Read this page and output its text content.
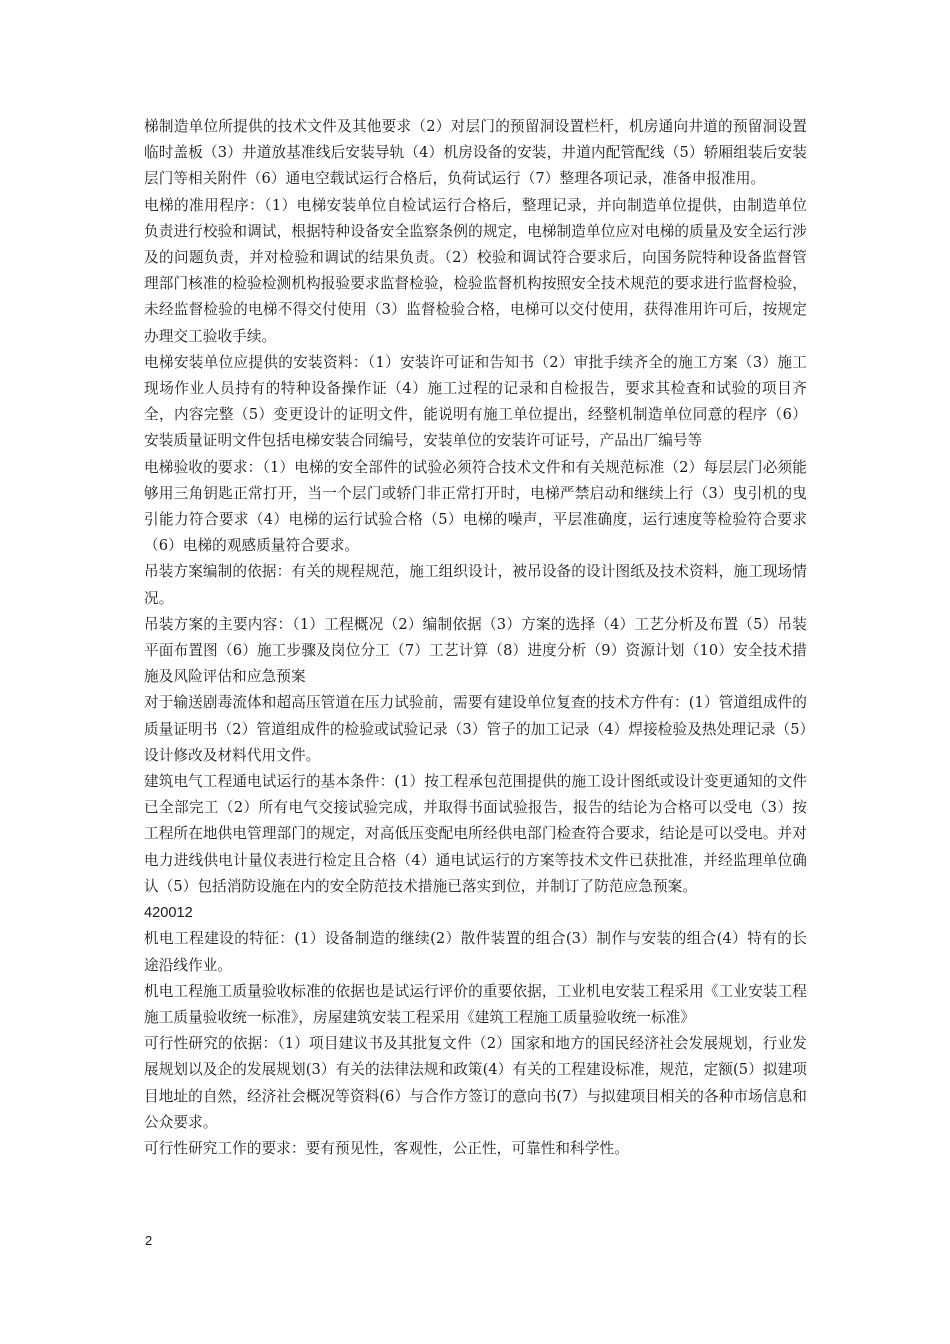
梯制造单位所提供的技术文件及其他要求（2）对层门的预留洞设置栏杆，机房通向井道的预留洞设置临时盖板（3）井道放基准线后安装导轨（4）机房设备的安装，井道内配管配线（5）轿厢组装后安装层门等相关附件（6）通电空载试运行合格后，负荷试运行（7）整理各项记录，准备申报准用。

电梯的准用程序：（1）电梯安装单位自检试运行合格后，整理记录，并向制造单位提供，由制造单位负责进行校验和调试，根据特种设备安全监察条例的规定，电梯制造单位应对电梯的质量及安全运行涉及的问题负责，并对检验和调试的结果负责。（2）校验和调试符合要求后，向国务院特种设备监督管理部门核准的检验检测机构报验要求监督检验，检验监督机构按照安全技术规范的要求进行监督检验，未经监督检验的电梯不得交付使用（3）监督检验合格，电梯可以交付使用，获得准用许可后，按规定办理交工验收手续。

电梯安装单位应提供的安装资料：（1）安装许可证和告知书（2）审批手续齐全的施工方案（3）施工现场作业人员持有的特种设备操作证（4）施工过程的记录和自检报告，要求其检查和试验的项目齐全，内容完整（5）变更设计的证明文件，能说明有施工单位提出，经整机制造单位同意的程序（6）安装质量证明文件包括电梯安装合同编号，安装单位的安装许可证号，产品出厂编号等

电梯验收的要求：（1）电梯的安全部件的试验必须符合技术文件和有关规范标准（2）每层层门必须能够用三角钥匙正常打开，当一个层门或轿门非正常打开时，电梯严禁启动和继续上行（3）曳引机的曳引能力符合要求（4）电梯的运行试验合格（5）电梯的噪声，平层准确度，运行速度等检验符合要求（6）电梯的观感质量符合要求。

吊装方案编制的依据：有关的规程规范，施工组织设计，被吊设备的设计图纸及技术资料，施工现场情况。

吊装方案的主要内容：（1）工程概况（2）编制依据（3）方案的选择（4）工艺分析及布置（5）吊装平面布置图（6）施工步骤及岗位分工（7）工艺计算（8）进度分析（9）资源计划（10）安全技术措施及风险评估和应急预案

对于输送剧毒流体和超高压管道在压力试验前，需要有建设单位复查的技术方件有：(1）管道组成件的质量证明书（2）管道组成件的检验或试验记录（3）管子的加工记录（4）焊接检验及热处理记录（5）设计修改及材料代用文件。

建筑电气工程通电试运行的基本条件：(1）按工程承包范围提供的施工设计图纸或设计变更通知的文件已全部完工（2）所有电气交接试验完成，并取得书面试验报告，报告的结论为合格可以受电（3）按工程所在地供电管理部门的规定，对高低压变配电所经供电部门检查符合要求，结论是可以受电。并对电力进线供电计量仪表进行检定且合格（4）通电试运行的方案等技术文件已获批准，并经监理单位确认（5）包括消防设施在内的安全防范技术措施已落实到位，并制订了防范应急预案。

420012

机电工程建设的特征：(1）设备制造的继续(2）散件装置的组合(3）制作与安装的组合(4）特有的长途沿线作业。

机电工程施工质量验收标准的依据也是试运行评价的重要依据，工业机电安装工程采用《工业安装工程施工质量验收统一标准》，房屋建筑安装工程采用《建筑工程施工质量验收统一标准》

可行性研究的依据：（1）项目建议书及其批复文件（2）国家和地方的国民经济社会发展规划，行业发展规划以及企的发展规划(3）有关的法律法规和政策(4）有关的工程建设标准，规范，定额(5）拟建项目地址的自然，经济社会概况等资料(6）与合作方签订的意向书(7）与拟建项目相关的各种市场信息和公众要求。

可行性研究工作的要求：要有预见性，客观性，公正性，可靠性和科学性。

2
